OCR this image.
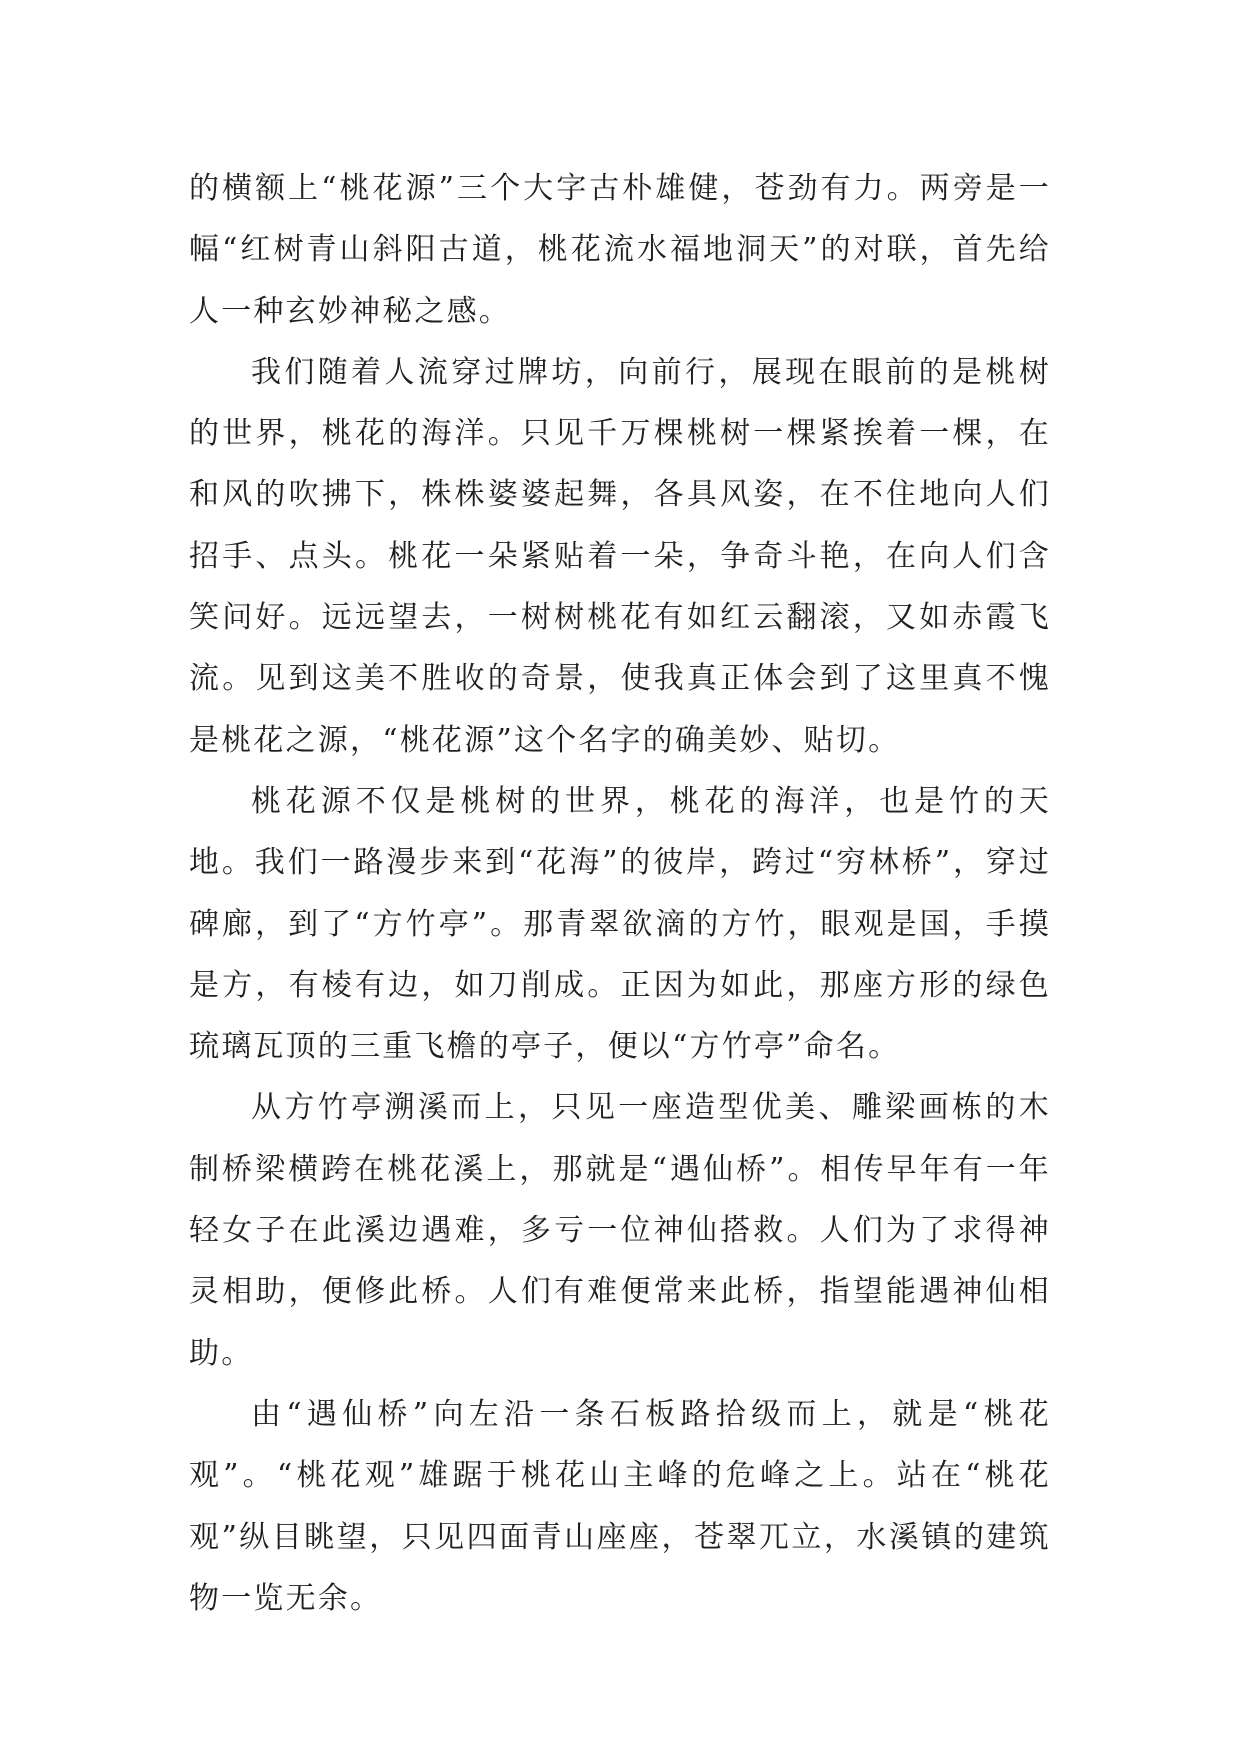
的横额上“桃花源”三个大字古朴雄健，苍劲有力。两旁是一幅“红树青山斜阳古道，桃花流水福地洞天”的对联，首先给人一种玄妙神秘之感。

我们随着人流穿过牌坊，向前行，展现在眼前的是桃树的世界，桃花的海洋。只见千万棵桃树一棵紧挨着一棵，在和风的吹拂下，株株婆婆起舞，各具风姿，在不住地向人们招手、点头。桃花一朵紧贴着一朵，争奇斗艳，在向人们含笑问好。远远望去，一树树桃花有如红云翻滚，又如赤霞飞流。见到这美不胜收的奇景，使我真正体会到了这里真不愧是桃花之源，“桃花源”这个名字的确美妙、贴切。

桃花源不仅是桃树的世界，桃花的海洋，也是竹的天地。我们一路漫步来到“花海”的彼岸，跨过“穷林桥”，穿过碑廊，到了“方竹亭”。那青翠欲滴的方竹，眼观是国，手摸是方，有棱有边，如刀削成。正因为如此，那座方形的绿色琉璃瓦顶的三重飞檐的亭子，便以“方竹亭”命名。

从方竹亭溯溪而上，只见一座造型优美、雕梁画栋的木制桥梁横跨在桃花溪上，那就是“遇仙桥”。相传早年有一年轻女子在此溪边遇难，多亏一位神仙搭救。人们为了求得神灵相助，便修此桥。人们有难便常来此桥，指望能遇神仙相助。

由“遇仙桥”向左沿一条石板路拾级而上，就是“桃花观”。“桃花观”雄踞于桃花山主峰的危峰之上。站在“桃花观”纵目眺望，只见四面青山座座，苍翠兀立，水溪镇的建筑物一览无余。
